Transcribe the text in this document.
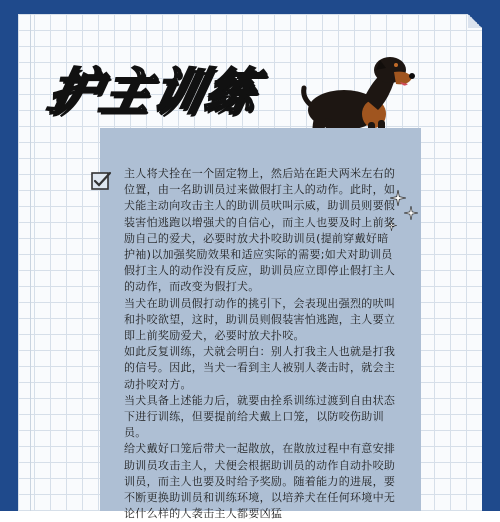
护主训练

主人将犬拴在一个固定物上，然后站在距犬两米左右的位置，由一名助训员过来做假打主人的动作。此时，如犬能主动向攻击主人的助训员吠叫示威，助训员则要假装害怕逃跑以增强犬的自信心，而主人也要及时上前奖励自己的爱犬，必要时放犬扑咬助训员(提前穿戴好暗护袖)以加强奖励效果和适应实际的需要;如犬对助训员假打主人的动作没有反应，助训员应立即停止假打主人的动作，而改变为假打犬。

当犬在助训员假打动作的挑引下，会表现出强烈的吠叫和扑咬欲望，这时，助训员则假装害怕逃跑，主人要立即上前奖励爱犬，必要时放犬扑咬。

如此反复训练，犬就会明白：别人打我主人也就是打我的信号。因此，当犬一看到主人被别人袭击时，就会主动扑咬对方。

当犬具备上述能力后，就要由拴系训练过渡到自由状态下进行训练，但要提前给犬戴上口笼，以防咬伤助训员。

给犬戴好口笼后带犬一起散放，在散放过程中有意安排助训员攻击主人，犬便会根据助训员的动作自动扑咬助训员，而主人也要及时给予奖励。随着能力的进展，要不断更换助训员和训练环境，以培养犬在任何环境中无论什么样的人袭击主人都要凶猛
